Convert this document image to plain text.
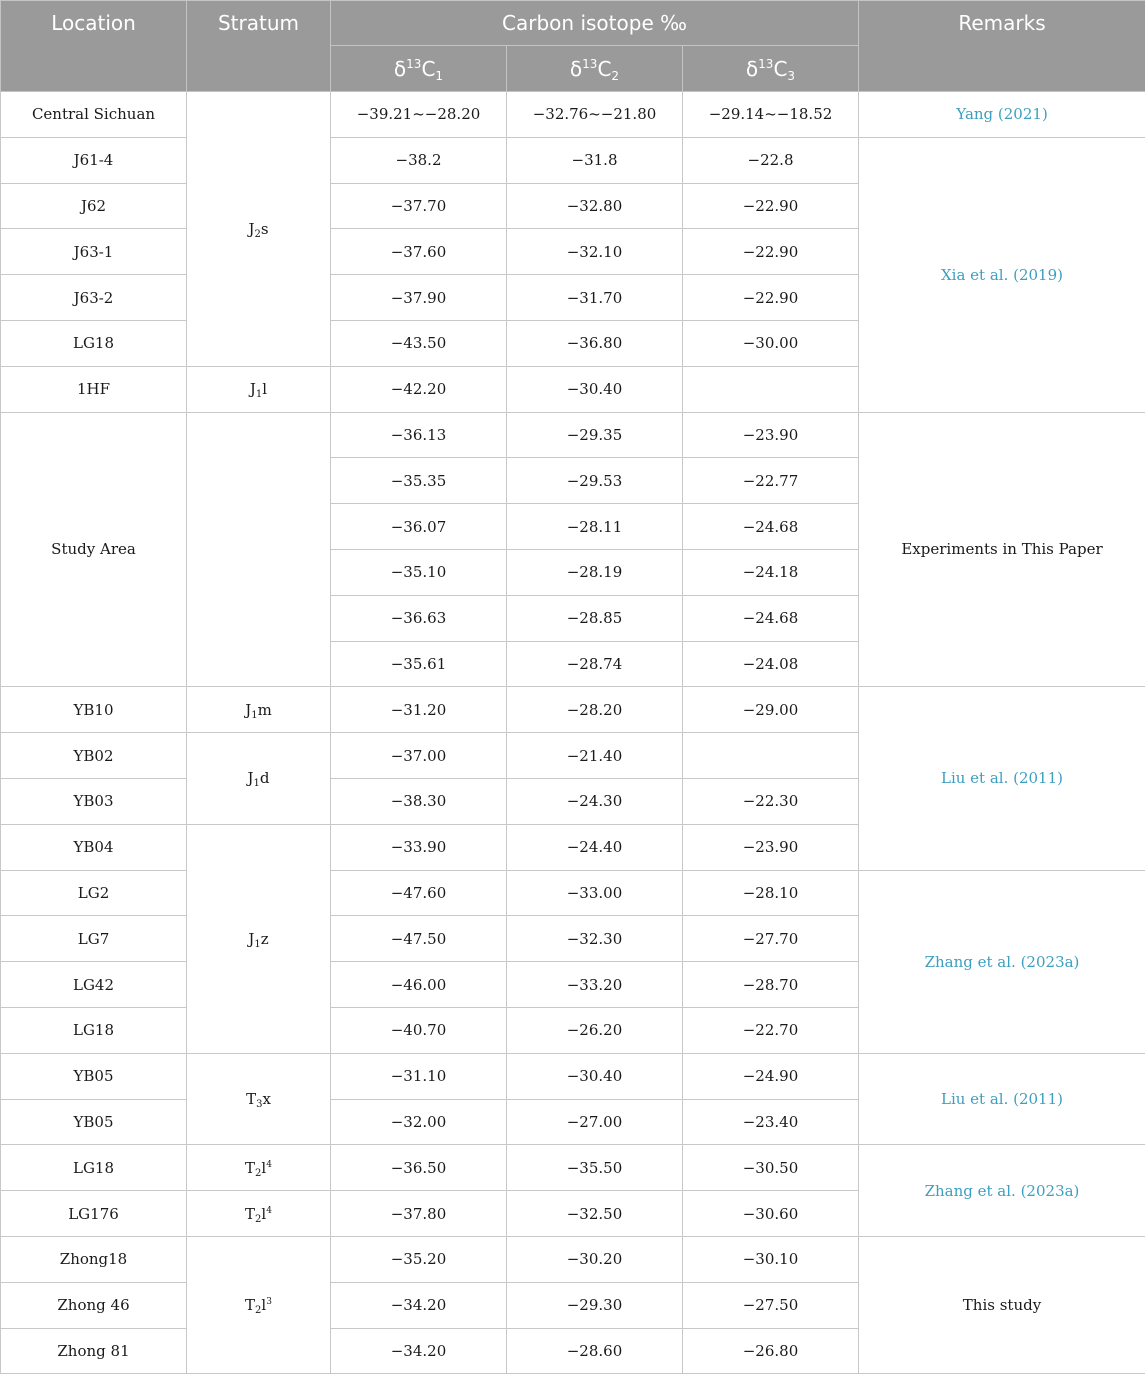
Location	Stratum	Carbon isotope ‰			Remarks
		$\delta^{13}C_1$	$\delta^{13}C_2$	$\delta^{13}C_3$
Central Sichuan	$J_2s$	−39.21~−28.20	−32.76~−21.80	−29.14~−18.52	Yang (2021)
J61-4		−38.2	−31.8	−22.8	Xia et al. (2019)
J62		−37.70	−32.80	−22.90	
J63-1		−37.60	−32.10	−22.90	
J63-2		−37.90	−31.70	−22.90	
LG18		−43.50	−36.80	−30.00	
1HF	$J_1l$	−42.20	−30.40		
Study Area		−36.13	−29.35	−23.90	Experiments in This Paper
		−35.35	−29.53	−22.77	
		−36.07	−28.11	−24.68	
		−35.10	−28.19	−24.18	
		−36.63	−28.85	−24.68	
		−35.61	−28.74	−24.08	
YB10	$J_1m$	−31.20	−28.20	−29.00	Liu et al. (2011)
YB02	$J_1d$	−37.00	−21.40		
YB03		−38.30	−24.30	−22.30	
YB04	$J_1z$	−33.90	−24.40	−23.90	
LG2		−47.60	−33.00	−28.10	Zhang et al. (2023a)
LG7		−47.50	−32.30	−27.70	
LG42		−46.00	−33.20	−28.70	
LG18		−40.70	−26.20	−22.70	
YB05	$T_3x$	−31.10	−30.40	−24.90	Liu et al. (2011)
YB05		−32.00	−27.00	−23.40	
LG18	$T_2l^4$	−36.50	−35.50	−30.50	Zhang et al. (2023a)
LG176	$T_2l^4$	−37.80	−32.50	−30.60	
Zhong18	$T_2l^3$	−35.20	−30.20	−30.10	This study
Zhong 46		−34.20	−29.30	−27.50	
Zhong 81		−34.20	−28.60	−26.80	
